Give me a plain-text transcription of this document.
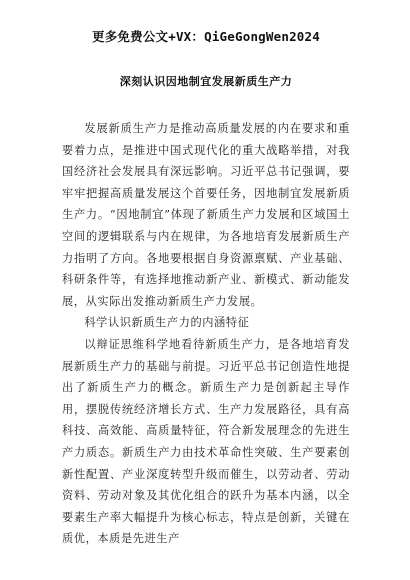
更多免费公文+VX：QiGeGongWen2024
深刻认识因地制宜发展新质生产力

发展新质生产力是推动高质量发展的内在要求和重要着力点，是推进中国式现代化的重大战略举措，对我国经济社会发展具有深远影响。习近平总书记强调，要牢牢把握高质量发展这个首要任务，因地制宜发展新质生产力。“因地制宜”体现了新质生产力发展和区域国土空间的逻辑联系与内在规律，为各地培育发展新质生产力指明了方向。各地要根据自身资源禀赋、产业基础、科研条件等，有选择地推动新产业、新模式、新动能发展，从实际出发推动新质生产力发展。

科学认识新质生产力的内涵特征

以辩证思维科学地看待新质生产力，是各地培育发展新质生产力的基础与前提。习近平总书记创造性地提出了新质生产力的概念。新质生产力是创新起主导作用，摆脱传统经济增长方式、生产力发展路径，具有高科技、高效能、高质量特征，符合新发展理念的先进生产力质态。新质生产力由技术革命性突破、生产要素创新性配置、产业深度转型升级而催生，以劳动者、劳动资料、劳动对象及其优化组合的跃升为基本内涵，以全要素生产率大幅提升为核心标志，特点是创新，关键在质优，本质是先进生产
